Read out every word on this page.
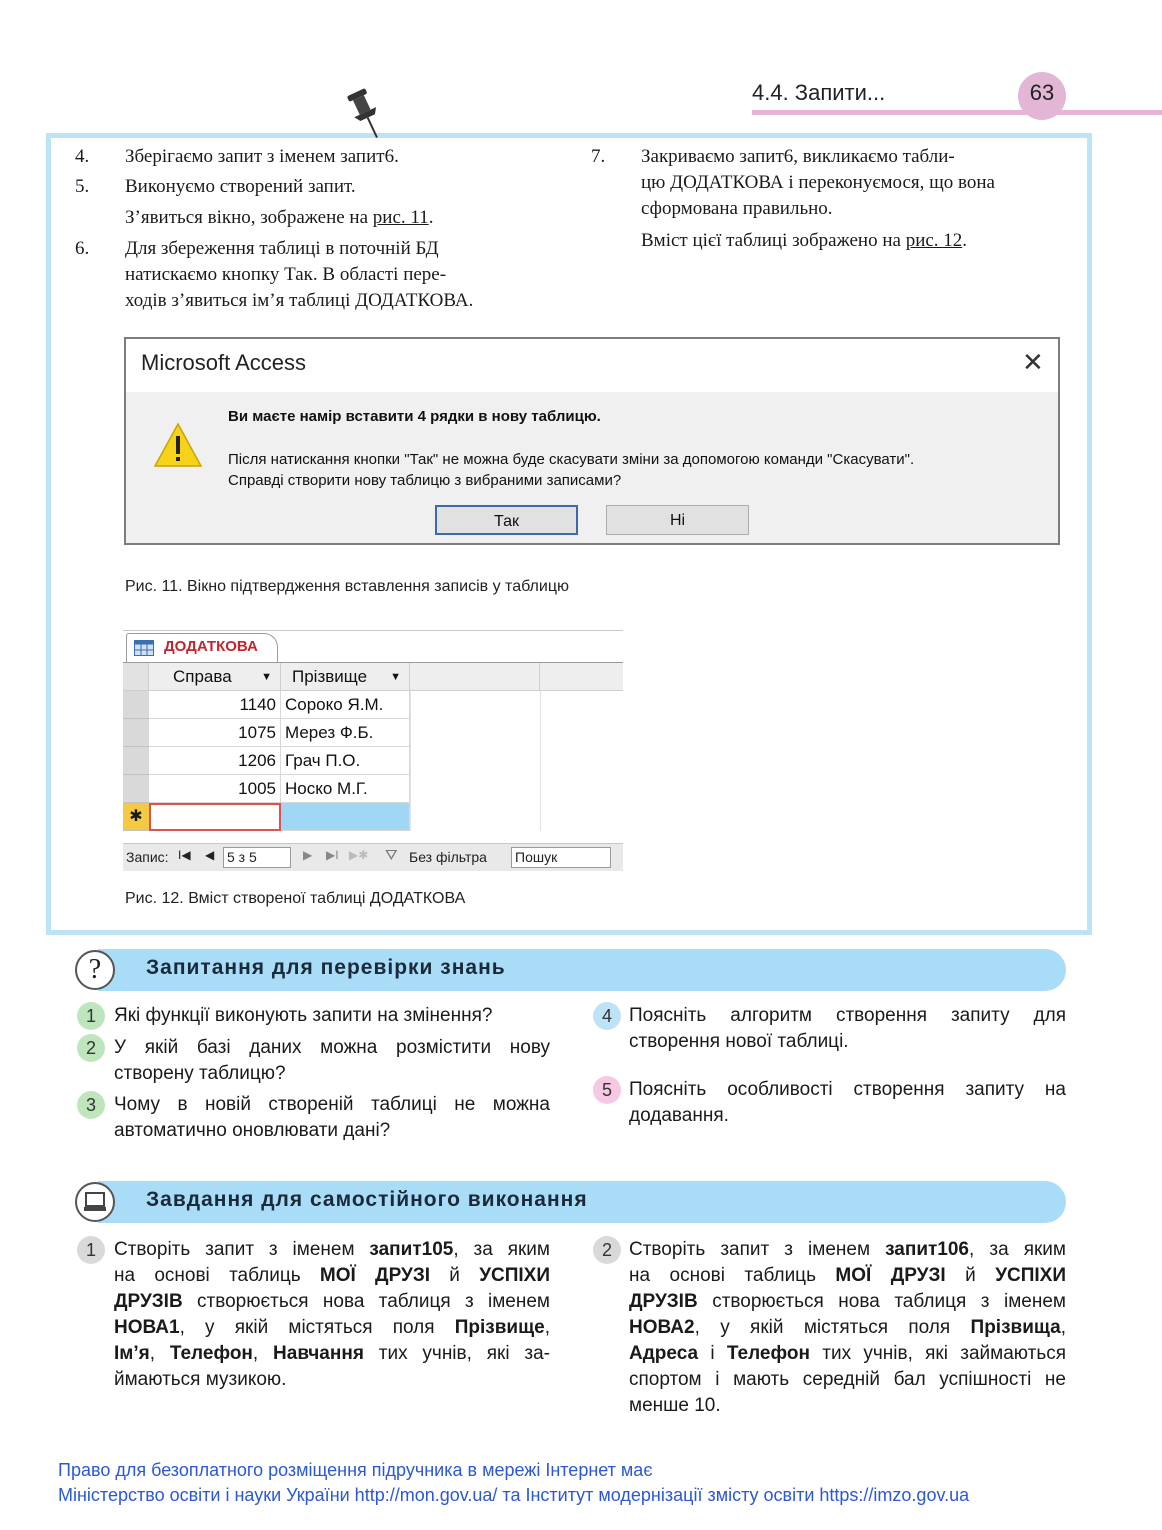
4.4. Запити...	63
4. Зберігаємо запит з іменем запит6.
5. Виконуємо створений запит.
З’явиться вікно, зображене на рис. 11.
6. Для збереження таблиці в поточній БД
натискаємо кнопку Так. В області пере-
ходів з’явиться ім’я таблиці ДОДАТКОВА.
7. Закриваємо запит6, викликаємо табли-
цю ДОДАТКОВА і переконуємося, що вона
сформована правильно.
Вміст цієї таблиці зображено на рис. 12.
Microsoft Access	✕
Ви маєте намір вставити 4 рядки в нову таблицю.
Після натискання кнопки "Так" не можна буде скасувати зміни за допомогою команди "Скасувати".
Справді створити нову таблицю з вибраними записами?
Так	Ні
Рис. 11. Вікно підтвердження вставлення записів у таблицю
ДОДАТКОВА
Справа	▼	Прізвище ▼
1140 Сороко Я.М.
1075 Мерез Ф.Б.
1206 Грач П.О.
1005 Носко М.Г.
✱
Запис: I◀ ◀ 5 з 5	▶ ▶I ▶✱ ⛛ Без фільтра Пошук
Рис. 12. Вміст створеної таблиці ДОДАТКОВА
?	Запитання для перевірки знань
1 Які функції виконують запити на змінення?
2 У якій базі даних можна розмістити нову
створену таблицю?
3 Чому в новій створеній таблиці не можна
автоматично оновлювати дані?
4 Поясніть алгоритм створення запиту для
створення нової таблиці.
5 Поясніть особливості створення запиту на
додавання.
Завдання для самостійного виконання
1 Створіть запит з іменем запит105, за яким
на основі таблиць МОЇ ДРУЗІ й УСПІХИ
ДРУЗІВ створюється нова таблиця з іменем
НОВА1, у якій містяться поля Прізвище,
Ім’я, Телефон, Навчання тих учнів, які за-
ймаються музикою.
2 Створіть запит з іменем запит106, за яким
на основі таблиць МОЇ ДРУЗІ й УСПІХИ
ДРУЗІВ створюється нова таблиця з іменем
НОВА2, у якій містяться поля Прізвища,
Адреса і Телефон тих учнів, які займаються
спортом і мають середній бал успішності не
менше 10.
Право для безоплатного розміщення підручника в мережі Інтернет має
Міністерство освіти і науки України http://mon.gov.ua/ та Інститут модернізації змісту освіти https://imzo.gov.ua
